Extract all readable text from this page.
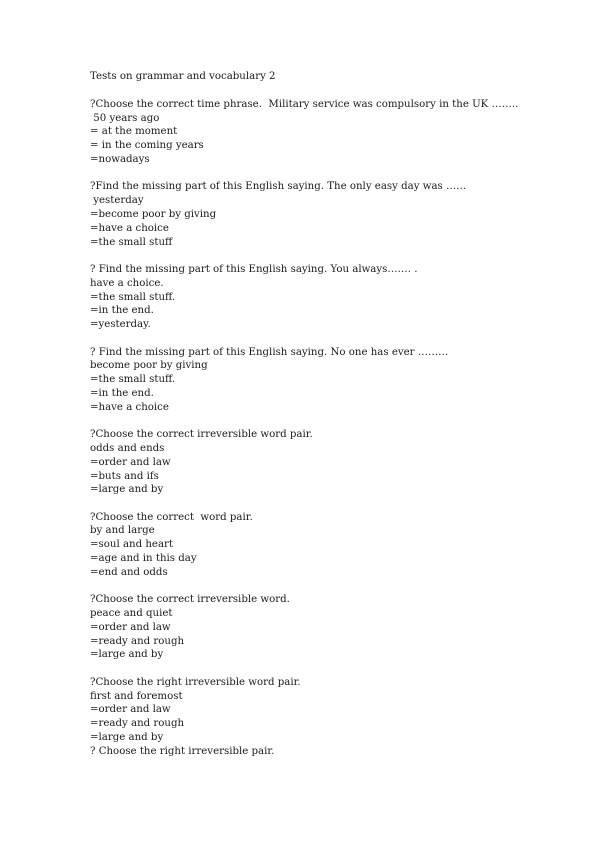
Tests on grammar and vocabulary 2
?Choose the correct time phrase.  Military service was compulsory in the UK ……..
50 years ago
= at the moment
= in the coming years
=nowadays
?Find the missing part of this English saying. The only easy day was ……
yesterday
=become poor by giving
=have a choice
=the small stuff
? Find the missing part of this English saying. You always……. .
have a choice.
=the small stuff.
=in the end.
=yesterday.
? Find the missing part of this English saying. No one has ever ………
become poor by giving
=the small stuff.
=in the end.
=have a choice
?Choose the correct irreversible word pair.
odds and ends
=order and law
=buts and ifs
=large and by
?Choose the correct  word pair.
by and large
=soul and heart
=age and in this day
=end and odds
?Choose the correct irreversible word.
peace and quiet
=order and law
=ready and rough
=large and by
?Choose the right irreversible word pair.
first and foremost
=order and law
=ready and rough
=large and by
? Choose the right irreversible pair.
